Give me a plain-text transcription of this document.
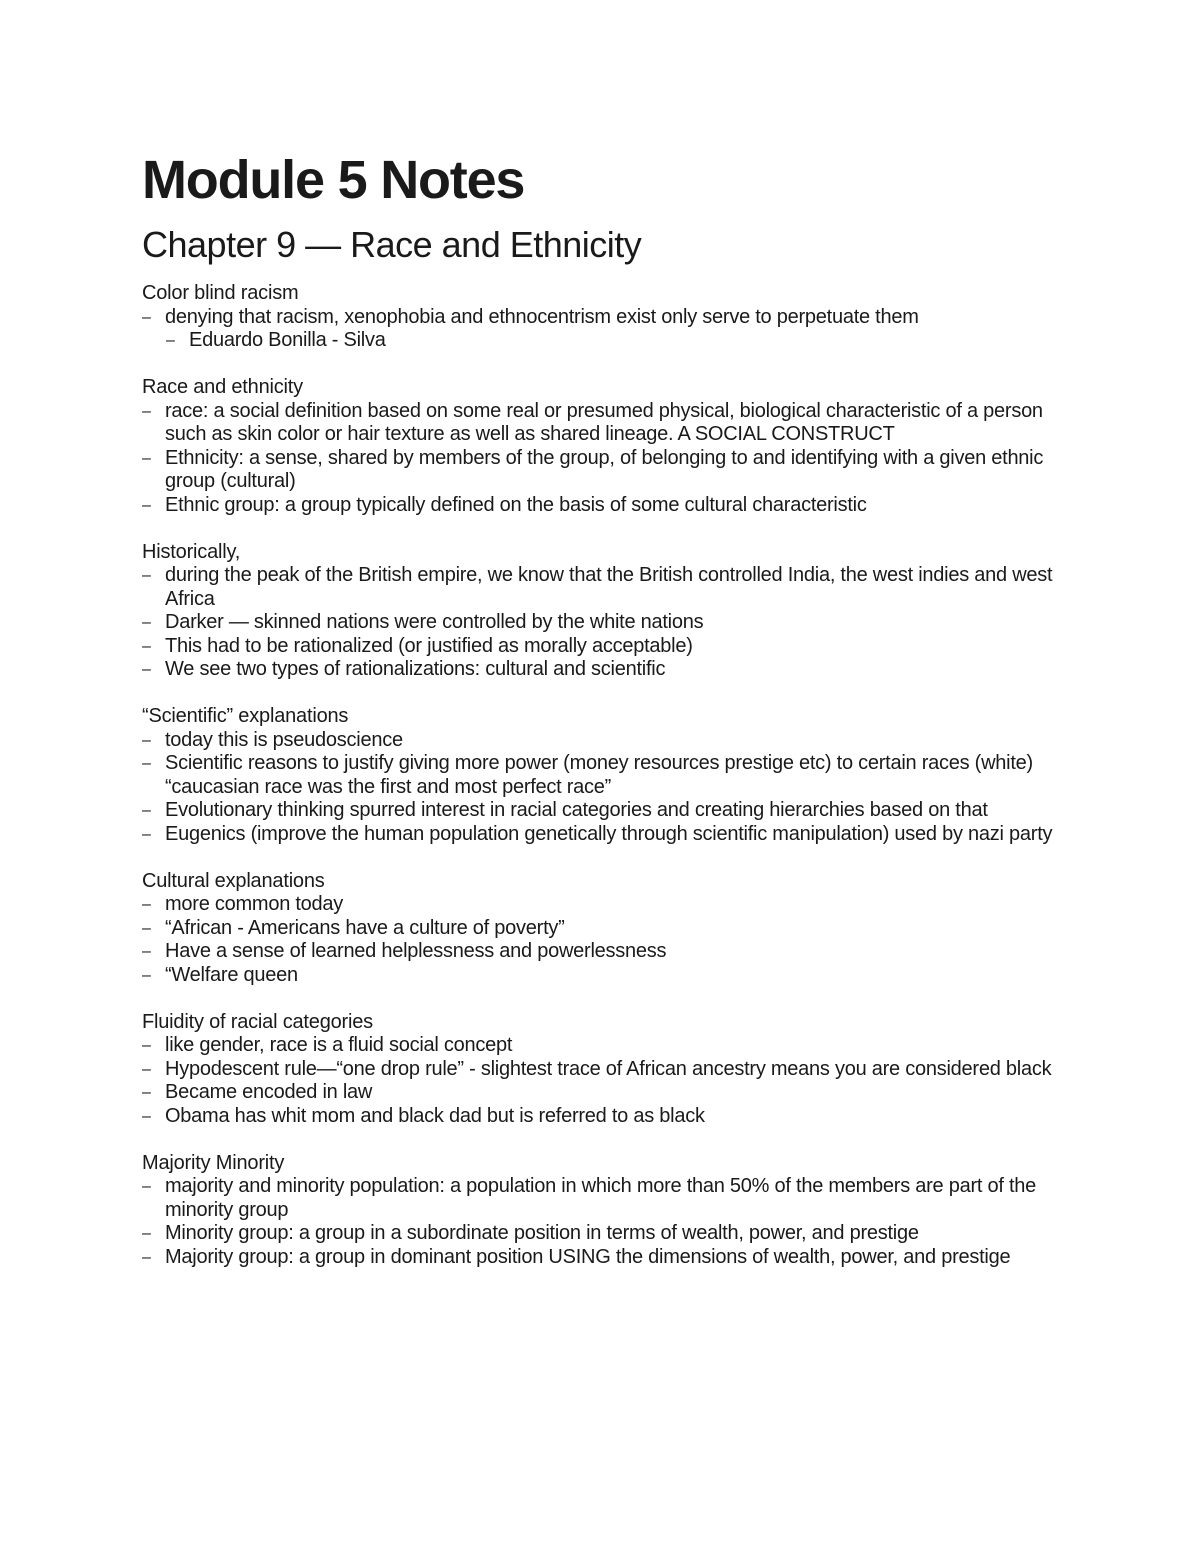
Module 5 Notes
Chapter 9 — Race and Ethnicity
Color blind racism
– denying that racism, xenophobia and ethnocentrism exist only serve to perpetuate them
– Eduardo Bonilla - Silva
Race and ethnicity
– race: a social definition based on some real or presumed physical, biological characteristic of a person such as skin color or hair texture as well as shared lineage. A SOCIAL CONSTRUCT
– Ethnicity: a sense, shared by members of the group, of belonging to and identifying with a given ethnic group (cultural)
– Ethnic group: a group typically defined on the basis of some cultural characteristic
Historically,
– during the peak of the British empire, we know that the British controlled India, the west indies and west Africa
– Darker — skinned nations were controlled by the white nations
– This had to be rationalized (or justified as morally acceptable)
– We see two types of rationalizations: cultural and scientific
“Scientific” explanations
– today this is pseudoscience
– Scientific reasons to justify giving more power (money resources prestige etc) to certain races (white) “caucasian race was the first and most perfect race”
– Evolutionary thinking spurred interest in racial categories and creating hierarchies based on that
– Eugenics (improve the human population genetically through scientific manipulation) used by nazi party
Cultural explanations
– more common today
– “African - Americans have a culture of poverty”
– Have a sense of learned helplessness and powerlessness
– “Welfare queen
Fluidity of racial categories
– like gender, race is a fluid social concept
– Hypodescent rule—“one drop rule” - slightest trace of African ancestry means you are considered black
– Became encoded in law
– Obama has whit mom and black dad but is referred to as black
Majority Minority
– majority and minority population: a population in which more than 50% of the members are part of the minority group
– Minority group: a group in a subordinate position in terms of wealth, power, and prestige
– Majority group: a group in dominant position USING the dimensions of wealth, power, and prestige
